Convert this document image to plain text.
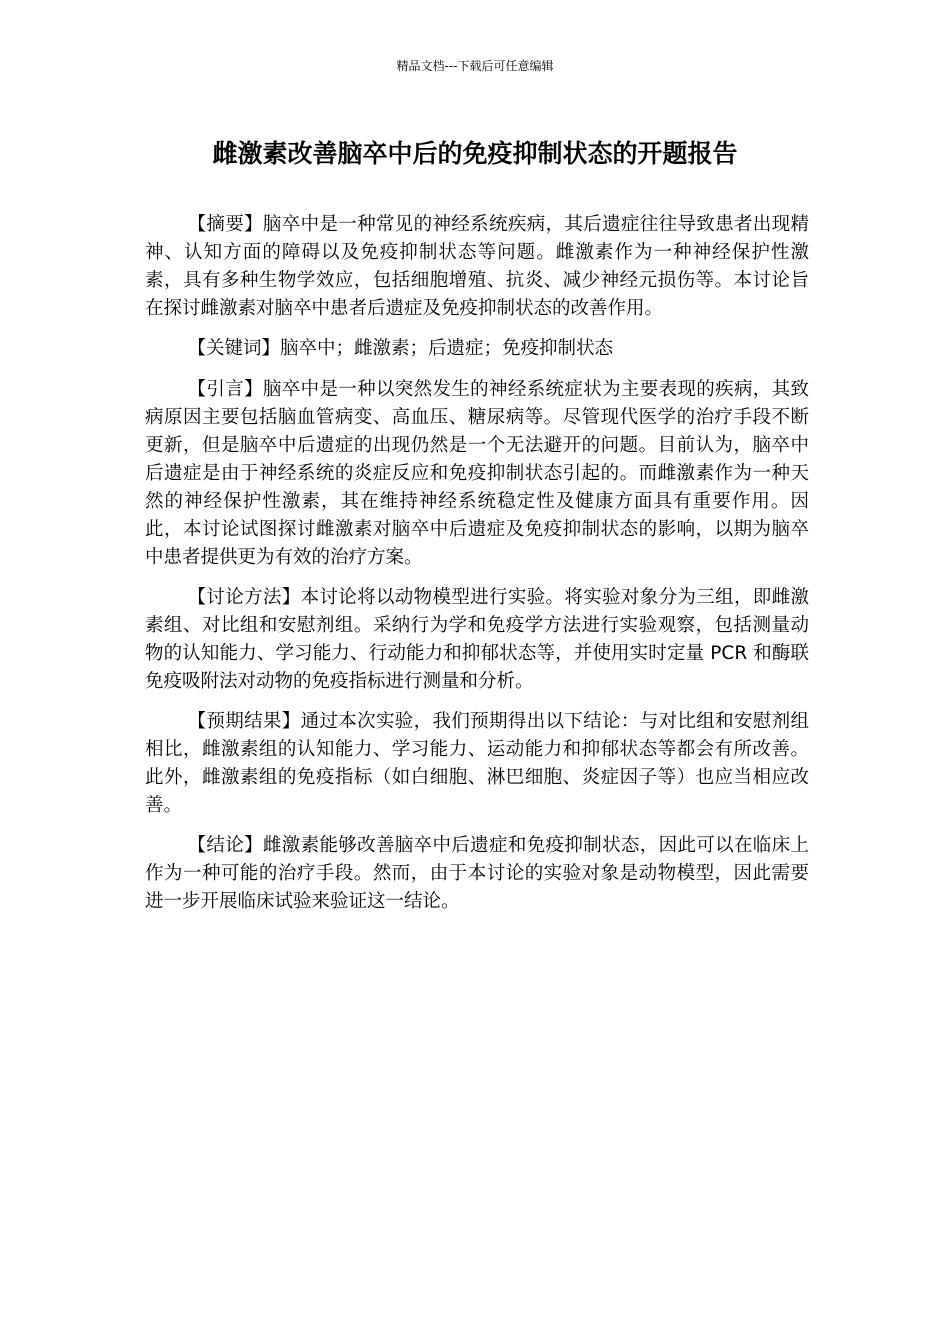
精品文档---下载后可任意编辑
雌激素改善脑卒中后的免疫抑制状态的开题报告

【摘要】脑卒中是一种常见的神经系统疾病，其后遗症往往导致患者出现精神、认知方面的障碍以及免疫抑制状态等问题。雌激素作为一种神经保护性激素，具有多种生物学效应，包括细胞增殖、抗炎、减少神经元损伤等。本讨论旨在探讨雌激素对脑卒中患者后遗症及免疫抑制状态的改善作用。

【关键词】脑卒中；雌激素；后遗症；免疫抑制状态

【引言】脑卒中是一种以突然发生的神经系统症状为主要表现的疾病，其致病原因主要包括脑血管病变、高血压、糖尿病等。尽管现代医学的治疗手段不断更新，但是脑卒中后遗症的出现仍然是一个无法避开的问题。目前认为，脑卒中后遗症是由于神经系统的炎症反应和免疫抑制状态引起的。而雌激素作为一种天然的神经保护性激素，其在维持神经系统稳定性及健康方面具有重要作用。因此，本讨论试图探讨雌激素对脑卒中后遗症及免疫抑制状态的影响，以期为脑卒中患者提供更为有效的治疗方案。

【讨论方法】本讨论将以动物模型进行实验。将实验对象分为三组，即雌激素组、对比组和安慰剂组。采纳行为学和免疫学方法进行实验观察，包括测量动物的认知能力、学习能力、行动能力和抑郁状态等，并使用实时定量 PCR 和酶联免疫吸附法对动物的免疫指标进行测量和分析。

【预期结果】通过本次实验，我们预期得出以下结论：与对比组和安慰剂组相比，雌激素组的认知能力、学习能力、运动能力和抑郁状态等都会有所改善。此外，雌激素组的免疫指标（如白细胞、淋巴细胞、炎症因子等）也应当相应改善。

【结论】雌激素能够改善脑卒中后遗症和免疫抑制状态，因此可以在临床上作为一种可能的治疗手段。然而，由于本讨论的实验对象是动物模型，因此需要进一步开展临床试验来验证这一结论。
